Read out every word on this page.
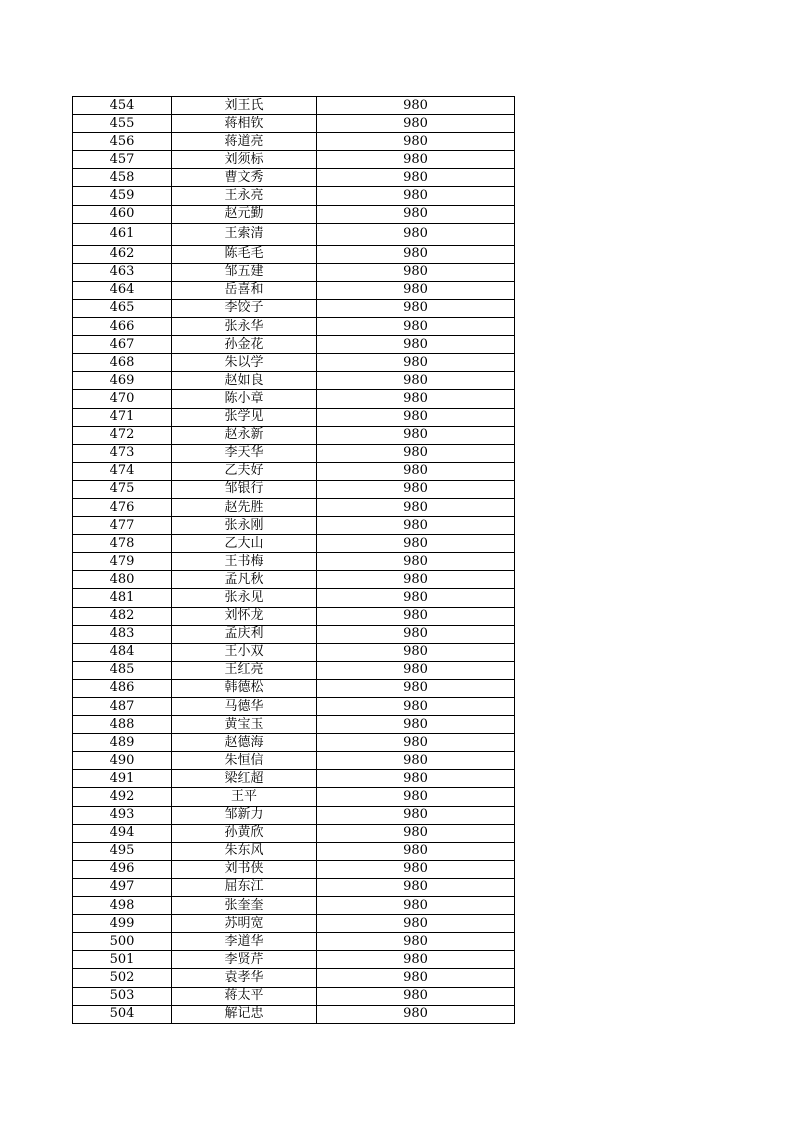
454	刘王氏	980
455	蒋相钦	980
456	蒋道亮	980
457	刘须标	980
458	曹文秀	980
459	王永亮	980
460	赵元勤	980
461	王索清	980
462	陈毛毛	980
463	邹五建	980
464	岳喜和	980
465	李饺子	980
466	张永华	980
467	孙金花	980
468	朱以学	980
469	赵如良	980
470	陈小章	980
471	张学见	980
472	赵永新	980
473	李天华	980
474	乙夫好	980
475	邹银行	980
476	赵先胜	980
477	张永刚	980
478	乙大山	980
479	王书梅	980
480	孟凡秋	980
481	张永见	980
482	刘怀龙	980
483	孟庆利	980
484	王小双	980
485	王红亮	980
486	韩德松	980
487	马德华	980
488	黄宝玉	980
489	赵德海	980
490	朱恒信	980
491	梁红超	980
492	王平	980
493	邹新力	980
494	孙黄欣	980
495	朱东风	980
496	刘书侠	980
497	屈东江	980
498	张奎奎	980
499	苏明宽	980
500	李道华	980
501	李贤芹	980
502	袁孝华	980
503	蒋太平	980
504	解记忠	980
